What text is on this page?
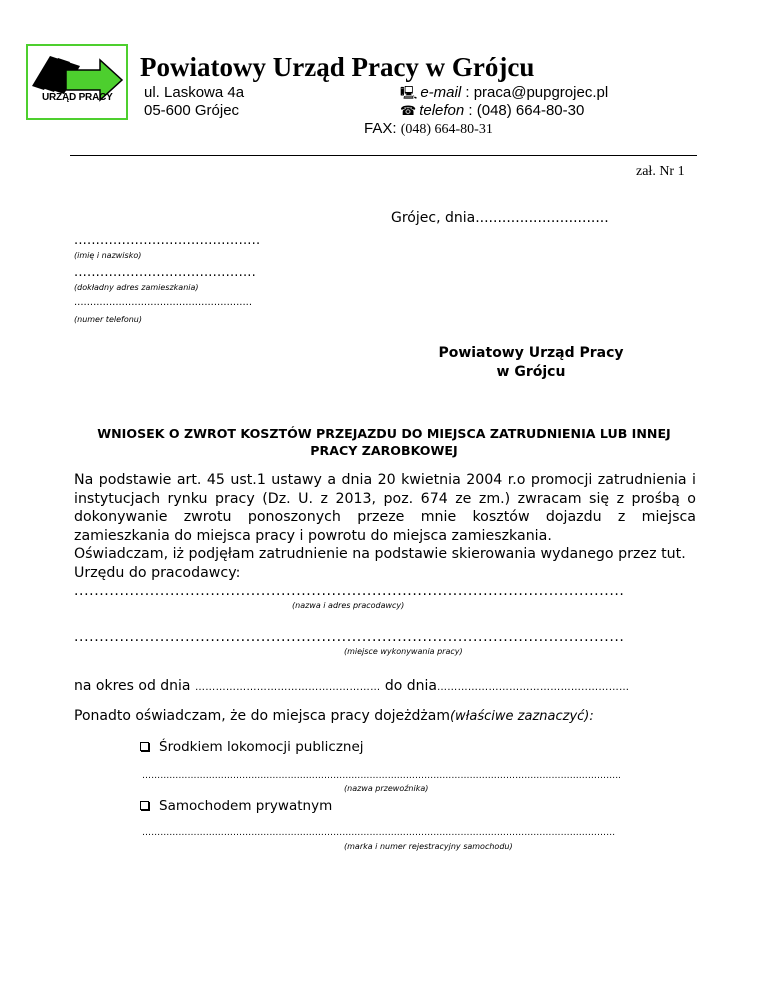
URZĄD PRACY
Powiatowy Urząd Pracy w Grójcu
ul. Laskowa 4a
05-600 Grójec
🖳 e-mail : praca@pupgrojec.pl
☎ telefon : (048) 664-80-30
FAX: (048) 664-80-31
zał. Nr 1
Grójec, dnia..............................
...........................................
(imię i nazwisko)
..........................................
(dokładny adres zamieszkania)
........................................................
(numer telefonu)
Powiatowy Urząd Pracy
w Grójcu
WNIOSEK O ZWROT KOSZTÓW PRZEJAZDU DO MIEJSCA ZATRUDNIENIA LUB INNEJ PRACY ZAROBKOWEJ

Na podstawie art. 45 ust.1 ustawy a dnia 20 kwietnia 2004 r.o promocji zatrudnienia i instytucjach rynku pracy (Dz. U. z 2013, poz. 674 ze zm.) zwracam się z prośbą o dokonywanie zwrotu ponoszonych przeze mnie kosztów dojazdu z miejsca zamieszkania do miejsca pracy i powrotu do miejsca zamieszkania.

Oświadczam, iż podjęłam zatrudnienie na podstawie skierowania wydanego przez tut. Urzędu do pracodawcy:

.............................................................................................................
(nazwa i adres pracodawcy)
.............................................................................................................
(miejsce wykonywania pracy)
na okres od dnia ……………………………………………… do dnia……………………………………..…………
Ponadto oświadczam, że do miejsca pracy dojeżdżam(właściwe zaznaczyć):
Środkiem lokomocji publicznej
…………………………………………………………………………………………………………………………………………..
(nazwa przewoźnika)
Samochodem prywatnym
…………………………………………………………………………………………………………………………………………
(marka i numer rejestracyjny samochodu)
